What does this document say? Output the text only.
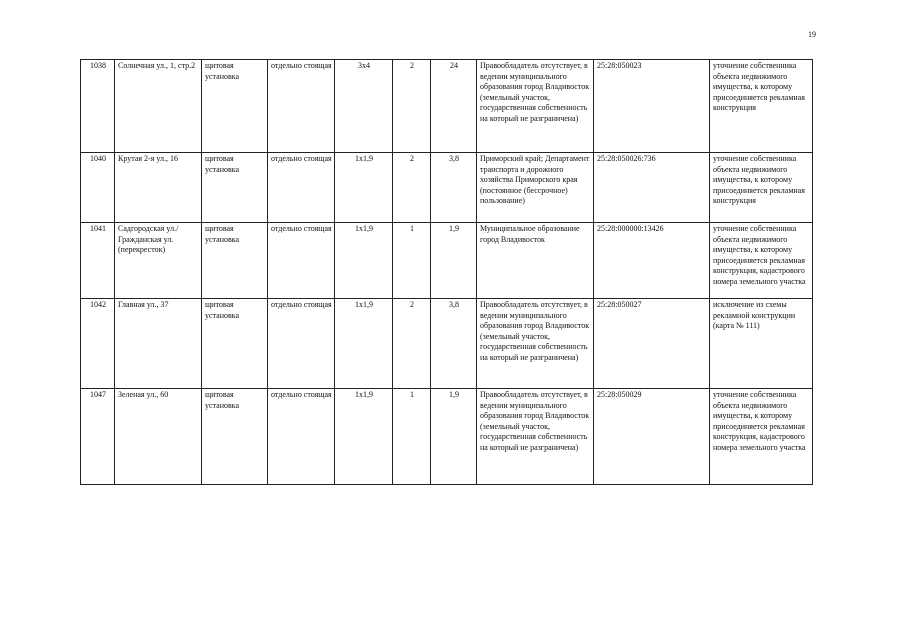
19
1038	Солнечная ул., 1, стр.2	щитовая установка	отдельно стоящая	3x4	2	24	Правообладатель отсутствует, в ведении муниципального образования город Владивосток (земельный участок, государственная собственность на который не разграничена)	25:28:050023	уточнение собственника объекта недвижимого имущества, к которому присоединяется рекламная конструкция
1040	Крутая 2-я ул., 16	щитовая установка	отдельно стоящая	1x1,9	2	3,8	Приморский край; Департамент транспорта и дорожного хозяйства Приморского края (постоянное (бессрочное) пользование)	25:28:050026:736	уточнение собственника объекта недвижимого имущества, к которому присоединяется рекламная конструкция
1041	Садгородская ул./Гражданская ул. (перекресток)	щитовая установка	отдельно стоящая	1x1,9	1	1,9	Муниципальное образование город Владивосток	25:28:000000:13426	уточнение собственника объекта недвижимого имущества, к которому присоединяется рекламная конструкция, кадастрового номера земельного участка
1042	Главная ул., 37	щитовая установка	отдельно стоящая	1x1,9	2	3,8	Правообладатель отсутствует, в ведении муниципального образования город Владивосток (земельный участок, государственная собственность на который не разграничена)	25:28:050027	исключение из схемы рекламной конструкции (карта № 111)
1047	Зеленая ул., 60	щитовая установка	отдельно стоящая	1x1,9	1	1,9	Правообладатель отсутствует, в ведении муниципального образования город Владивосток (земельный участок, государственная собственность на который не разграничена)	25:28:050029	уточнение собственника объекта недвижимого имущества, к которому присоединяется рекламная конструкция, кадастрового номера земельного участка
